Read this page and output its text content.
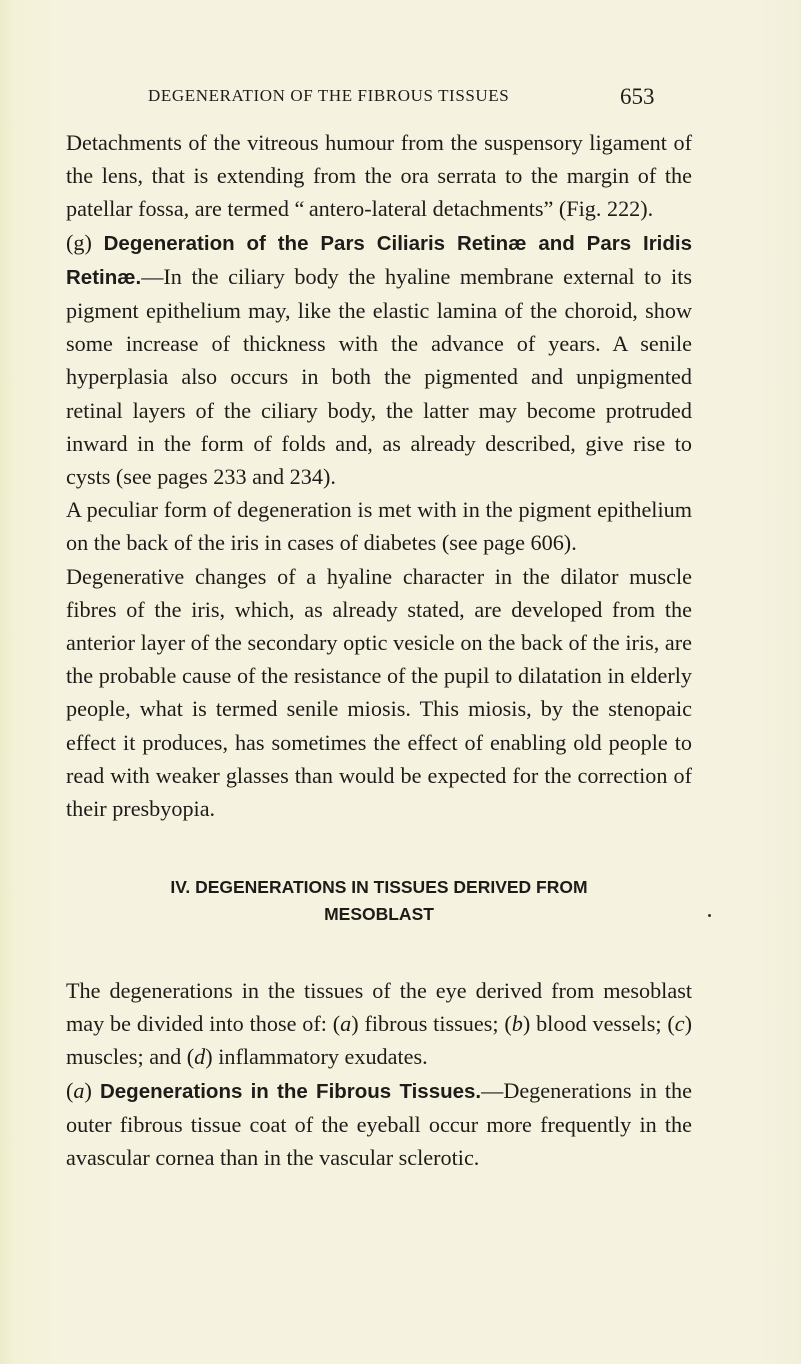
DEGENERATION OF THE FIBROUS TISSUES	653

Detachments of the vitreous humour from the suspensory ligament of the lens, that is extending from the ora serrata to the margin of the patellar fossa, are termed “ antero-lateral detachments” (Fig. 222).

(g) Degeneration of the Pars Ciliaris Retinæ and Pars Iridis Retinæ.—In the ciliary body the hyaline membrane external to its pigment epithelium may, like the elastic lamina of the choroid, show some increase of thickness with the advance of years. A senile hyperplasia also occurs in both the pigmented and unpigmented retinal layers of the ciliary body, the latter may become protruded inward in the form of folds and, as already described, give rise to cysts (see pages 233 and 234).

A peculiar form of degeneration is met with in the pigment epithelium on the back of the iris in cases of diabetes (see page 606).

Degenerative changes of a hyaline character in the dilator muscle fibres of the iris, which, as already stated, are developed from the anterior layer of the secondary optic vesicle on the back of the iris, are the probable cause of the resistance of the pupil to dilatation in elderly people, what is termed senile miosis. This miosis, by the stenopaic effect it produces, has sometimes the effect of enabling old people to read with weaker glasses than would be expected for the correction of their presbyopia.

IV. DEGENERATIONS IN TISSUES DERIVED FROM
MESOBLAST

The degenerations in the tissues of the eye derived from mesoblast may be divided into those of: (a) fibrous tissues; (b) blood vessels; (c) muscles; and (d) inflammatory exudates.

(a) Degenerations in the Fibrous Tissues.—Degenerations in the outer fibrous tissue coat of the eyeball occur more frequently in the avascular cornea than in the vascular sclerotic.
